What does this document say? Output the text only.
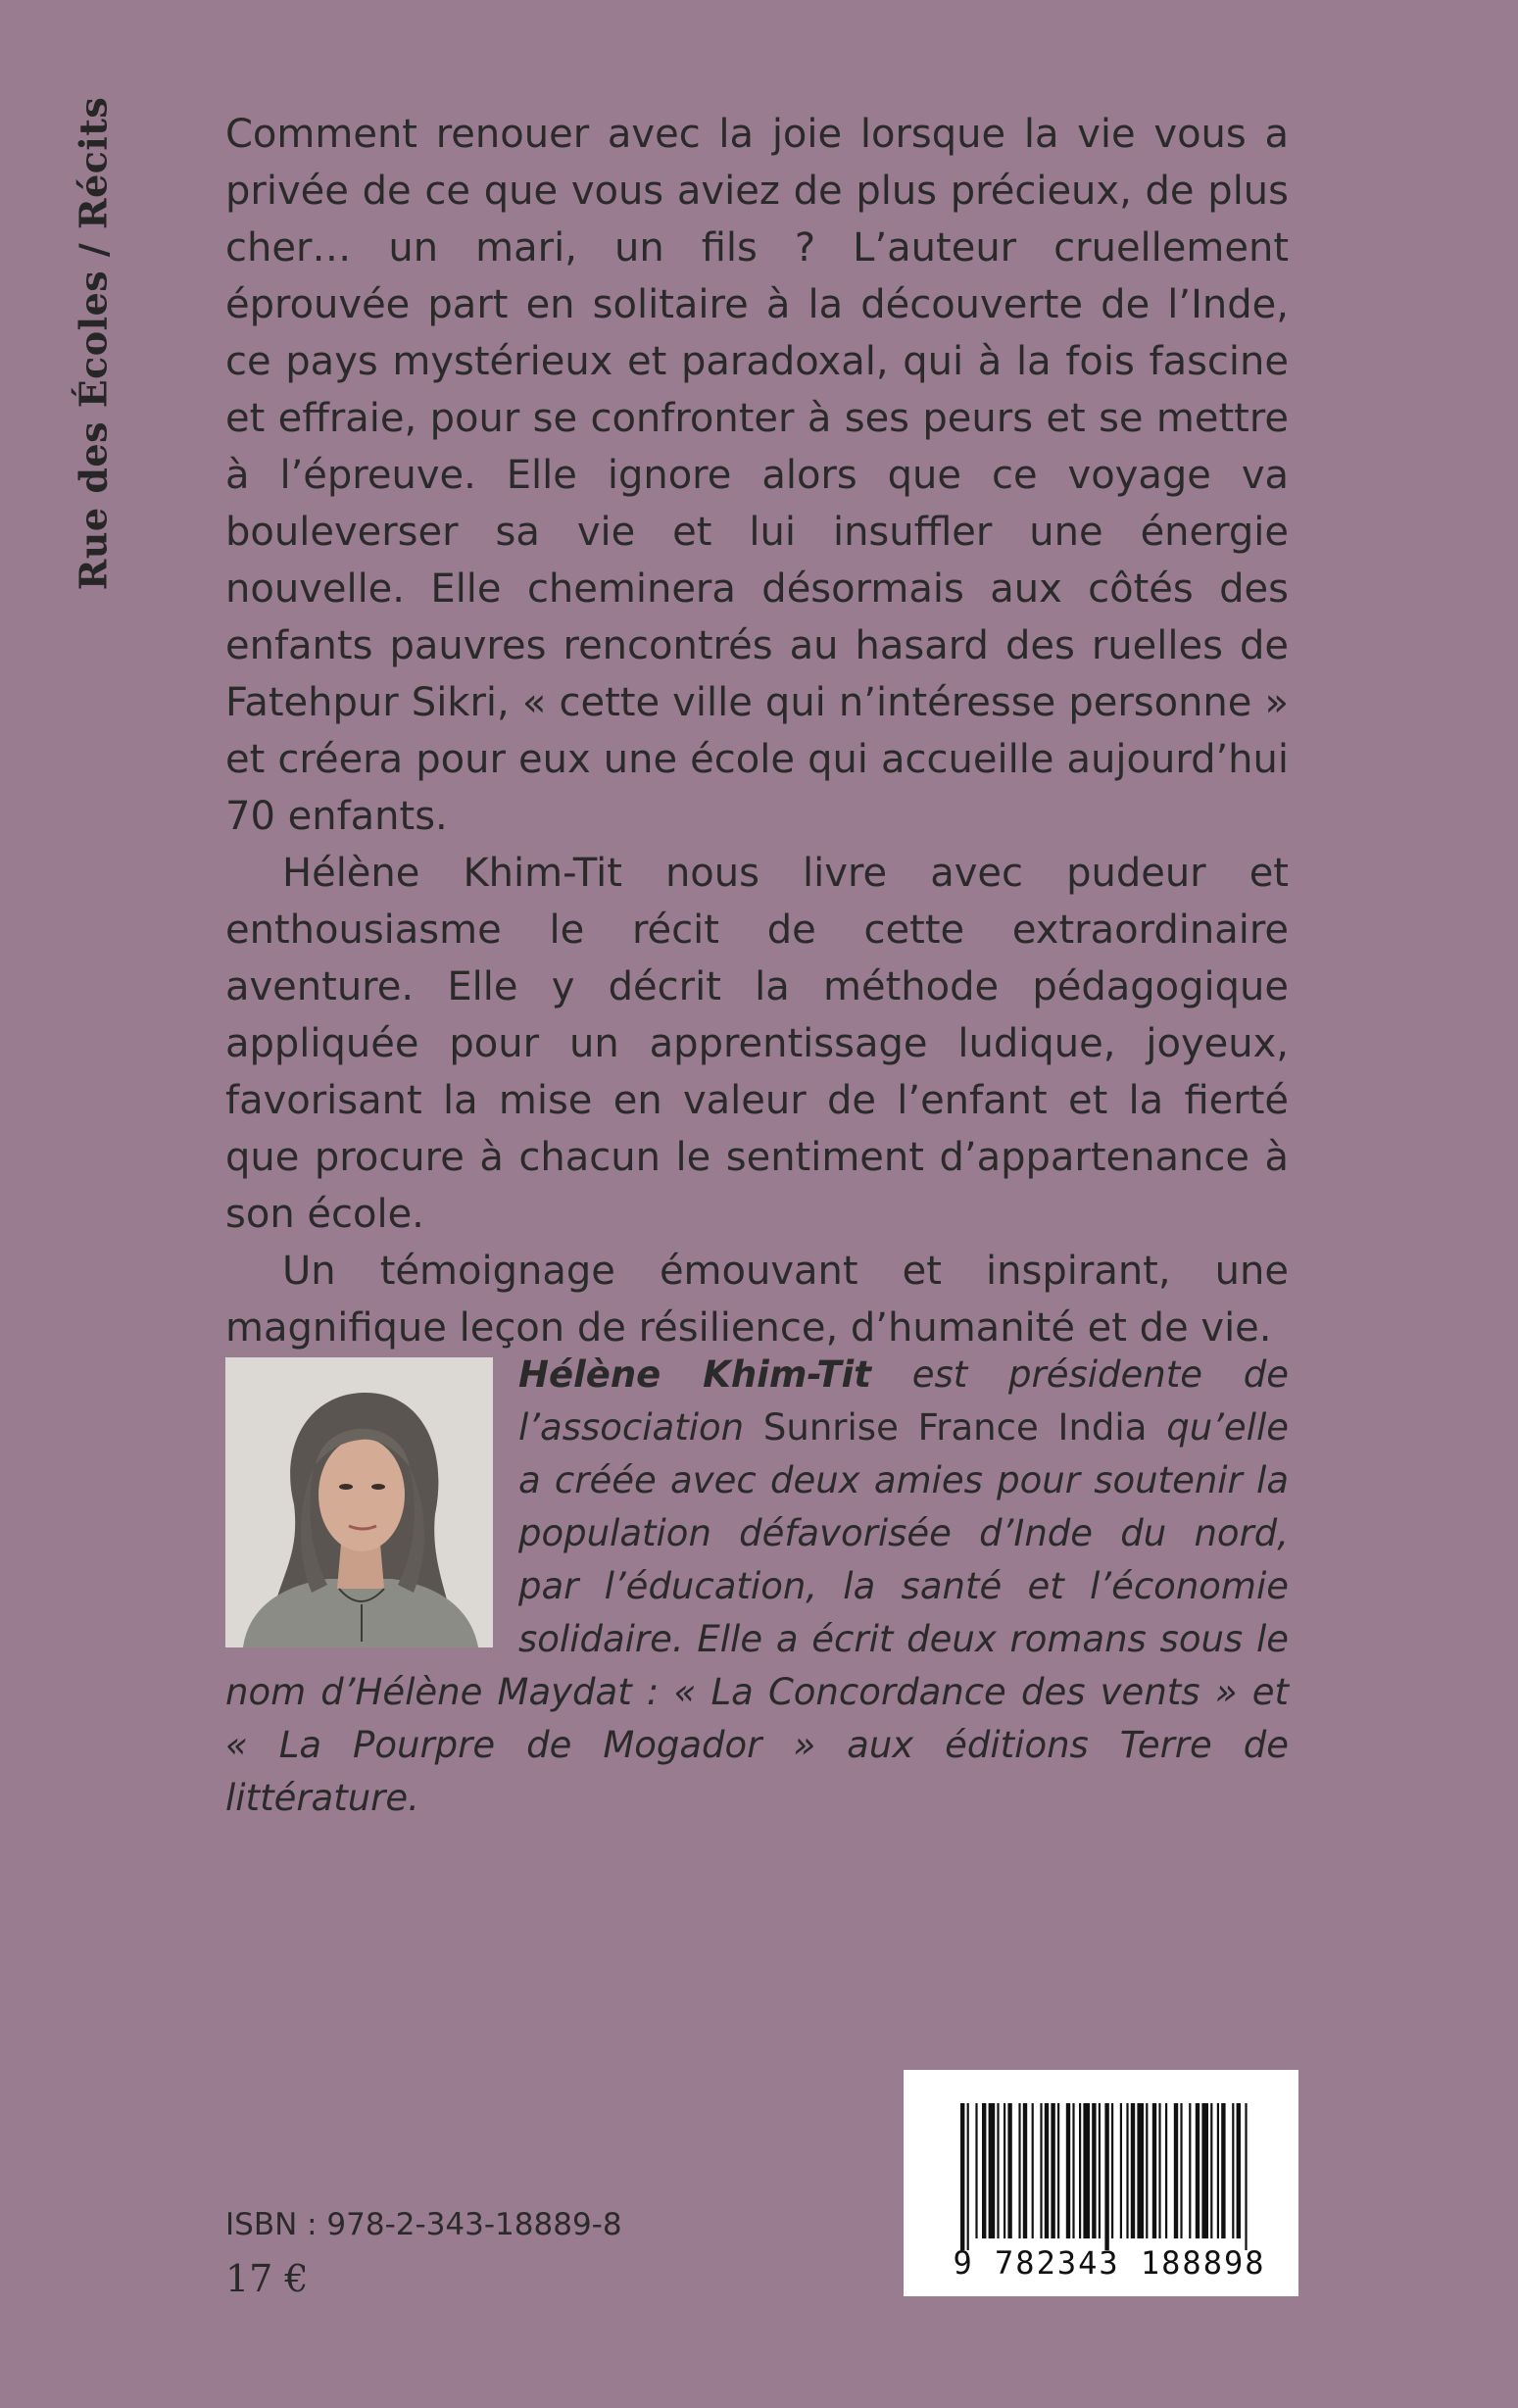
Rue des Écoles / Récits	Comment renouer avec la joie lorsque la vie vous a privée de ce que vous aviez de plus précieux, de plus cher… un mari, un fils ? L’auteur cruellement éprouvée part en solitaire à la découverte de l’Inde, ce pays mystérieux et paradoxal, qui à la fois fascine et effraie, pour se confronter à ses peurs et se mettre à l’épreuve. Elle ignore alors que ce voyage va bouleverser sa vie et lui insuffler une énergie nouvelle. Elle cheminera désormais aux côtés des enfants pauvres rencontrés au hasard des ruelles de Fatehpur Sikri, « cette ville qui n’intéresse personne » et créera pour eux une école qui accueille aujourd’hui 70 enfants.

Hélène Khim-Tit nous livre avec pudeur et enthousiasme le récit de cette extraordinaire aventure. Elle y décrit la méthode pédagogique appliquée pour un apprentissage ludique, joyeux, favorisant la mise en valeur de l’enfant et la fierté que procure à chacun le sentiment d’appartenance à son école.

Un témoignage émouvant et inspirant, une magnifique leçon de résilience, d’humanité et de vie.

Hélène Khim-Tit est présidente de l’association Sunrise France India qu’elle a créée avec deux amies pour soutenir la population défavorisée d’Inde du nord, par l’éducation, la santé et l’économie solidaire. Elle a écrit deux romans sous le nom d’Hélène Maydat : « La Concordance des vents » et « La Pourpre de Mogador » aux éditions Terre de littérature.
ISBN : 978-2-343-18889-8
17 €	9 782343 188898
